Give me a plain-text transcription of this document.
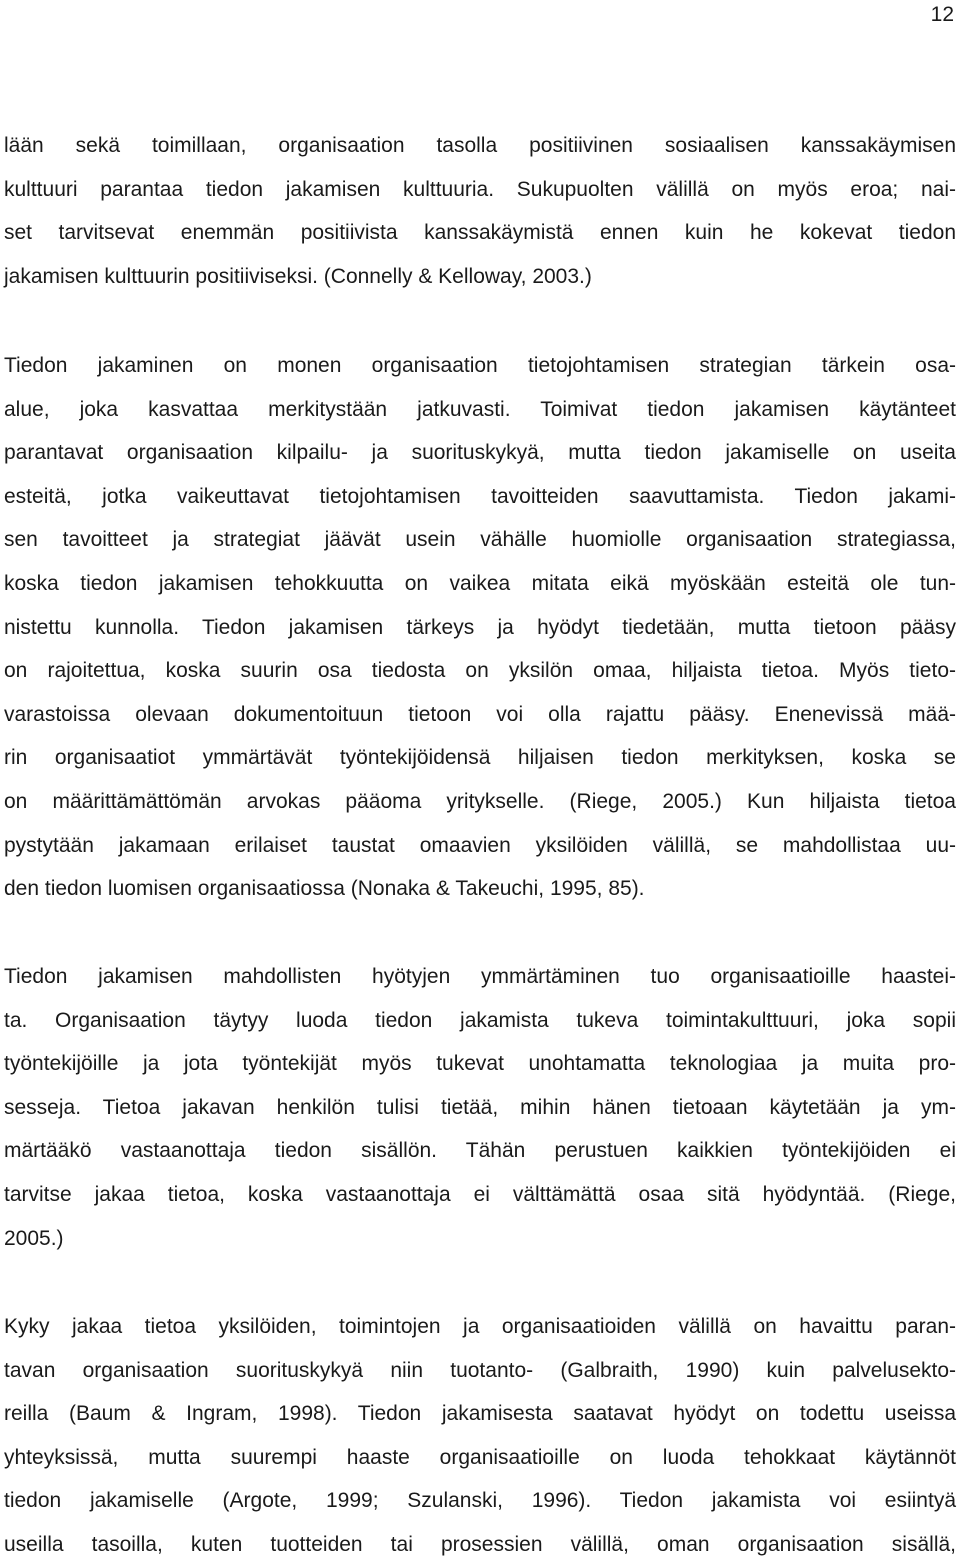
12
lään sekä toimillaan, organisaation tasolla positiivinen sosiaalisen kanssakäymisen
kulttuuri parantaa tiedon jakamisen kulttuuria. Sukupuolten välillä on myös eroa; nai-
set tarvitsevat enemmän positiivista kanssakäymistä ennen kuin he kokevat tiedon
jakamisen kulttuurin positiiviseksi. (Connelly & Kelloway, 2003.)
Tiedon jakaminen on monen organisaation tietojohtamisen strategian tärkein osa-
alue, joka kasvattaa merkitystään jatkuvasti. Toimivat tiedon jakamisen käytänteet
parantavat organisaation kilpailu- ja suorituskykyä, mutta tiedon jakamiselle on useita
esteitä, jotka vaikeuttavat tietojohtamisen tavoitteiden saavuttamista. Tiedon jakami-
sen tavoitteet ja strategiat jäävät usein vähälle huomiolle organisaation strategiassa,
koska tiedon jakamisen tehokkuutta on vaikea mitata eikä myöskään esteitä ole tun-
nistettu kunnolla. Tiedon jakamisen tärkeys ja hyödyt tiedetään, mutta tietoon pääsy
on rajoitettua, koska suurin osa tiedosta on yksilön omaa, hiljaista tietoa. Myös tieto-
varastoissa olevaan dokumentoituun tietoon voi olla rajattu pääsy. Enenevissä mää-
rin organisaatiot ymmärtävät työntekijöidensä hiljaisen tiedon merkityksen, koska se
on määrittämättömän arvokas pääoma yritykselle. (Riege, 2005.) Kun hiljaista tietoa
pystytään jakamaan erilaiset taustat omaavien yksilöiden välillä, se mahdollistaa uu-
den tiedon luomisen organisaatiossa (Nonaka & Takeuchi, 1995, 85).
Tiedon jakamisen mahdollisten hyötyjen ymmärtäminen tuo organisaatioille haastei-
ta. Organisaation täytyy luoda tiedon jakamista tukeva toimintakulttuuri, joka sopii
työntekijöille ja jota työntekijät myös tukevat unohtamatta teknologiaa ja muita pro-
sesseja. Tietoa jakavan henkilön tulisi tietää, mihin hänen tietoaan käytetään ja ym-
märtääkö vastaanottaja tiedon sisällön. Tähän perustuen kaikkien työntekijöiden ei
tarvitse jakaa tietoa, koska vastaanottaja ei välttämättä osaa sitä hyödyntää. (Riege,
2005.)
Kyky jakaa tietoa yksilöiden, toimintojen ja organisaatioiden välillä on havaittu paran-
tavan organisaation suorituskykyä niin tuotanto- (Galbraith, 1990) kuin palvelusekto-
reilla (Baum & Ingram, 1998). Tiedon jakamisesta saatavat hyödyt on todettu useissa
yhteyksissä, mutta suurempi haaste organisaatioille on luoda tehokkaat käytännöt
tiedon jakamiselle (Argote, 1999; Szulanski, 1996). Tiedon jakamista voi esiintyä
useilla tasoilla, kuten tuotteiden tai prosessien välillä, oman organisaation sisällä,
